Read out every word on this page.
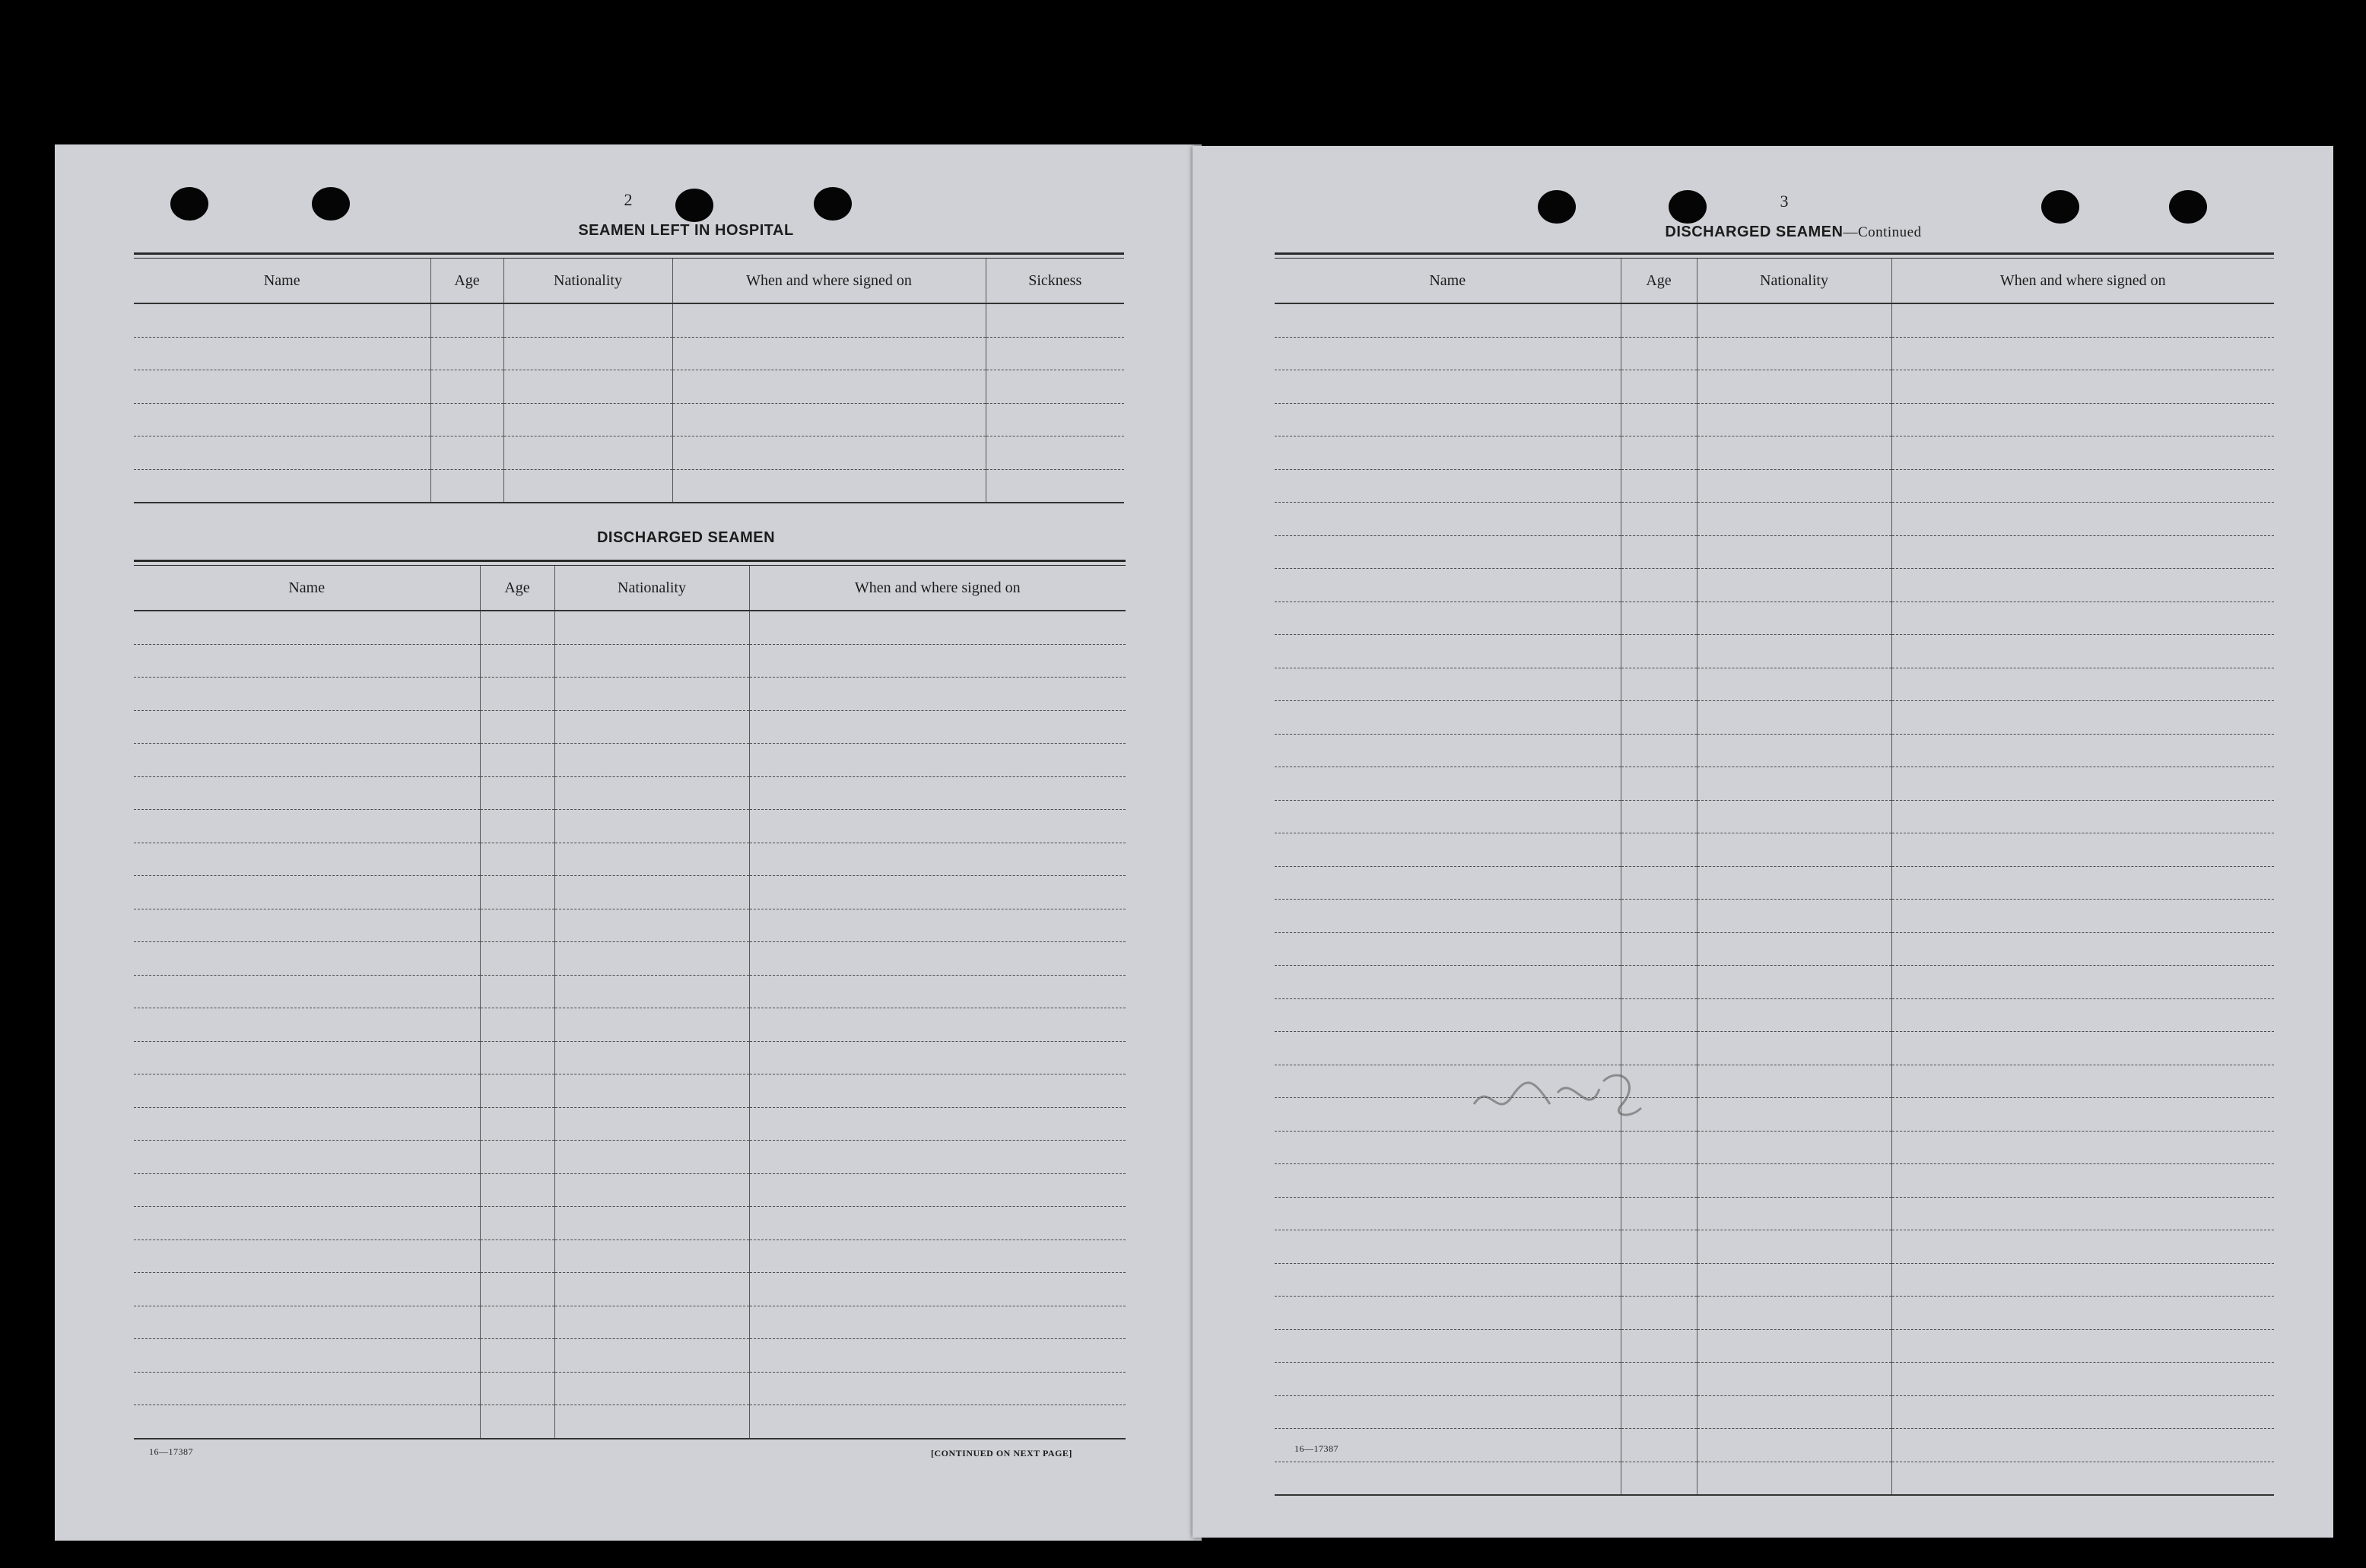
2
SEAMEN LEFT IN HOSPITAL
Name	Age	Nationality	When and where signed on	Sickness

DISCHARGED SEAMEN
Name	Age	Nationality	When and where signed on

16—17387	[CONTINUED ON NEXT PAGE]
3
DISCHARGED SEAMEN—Continued
Name	Age	Nationality	When and where signed on

16—17387
